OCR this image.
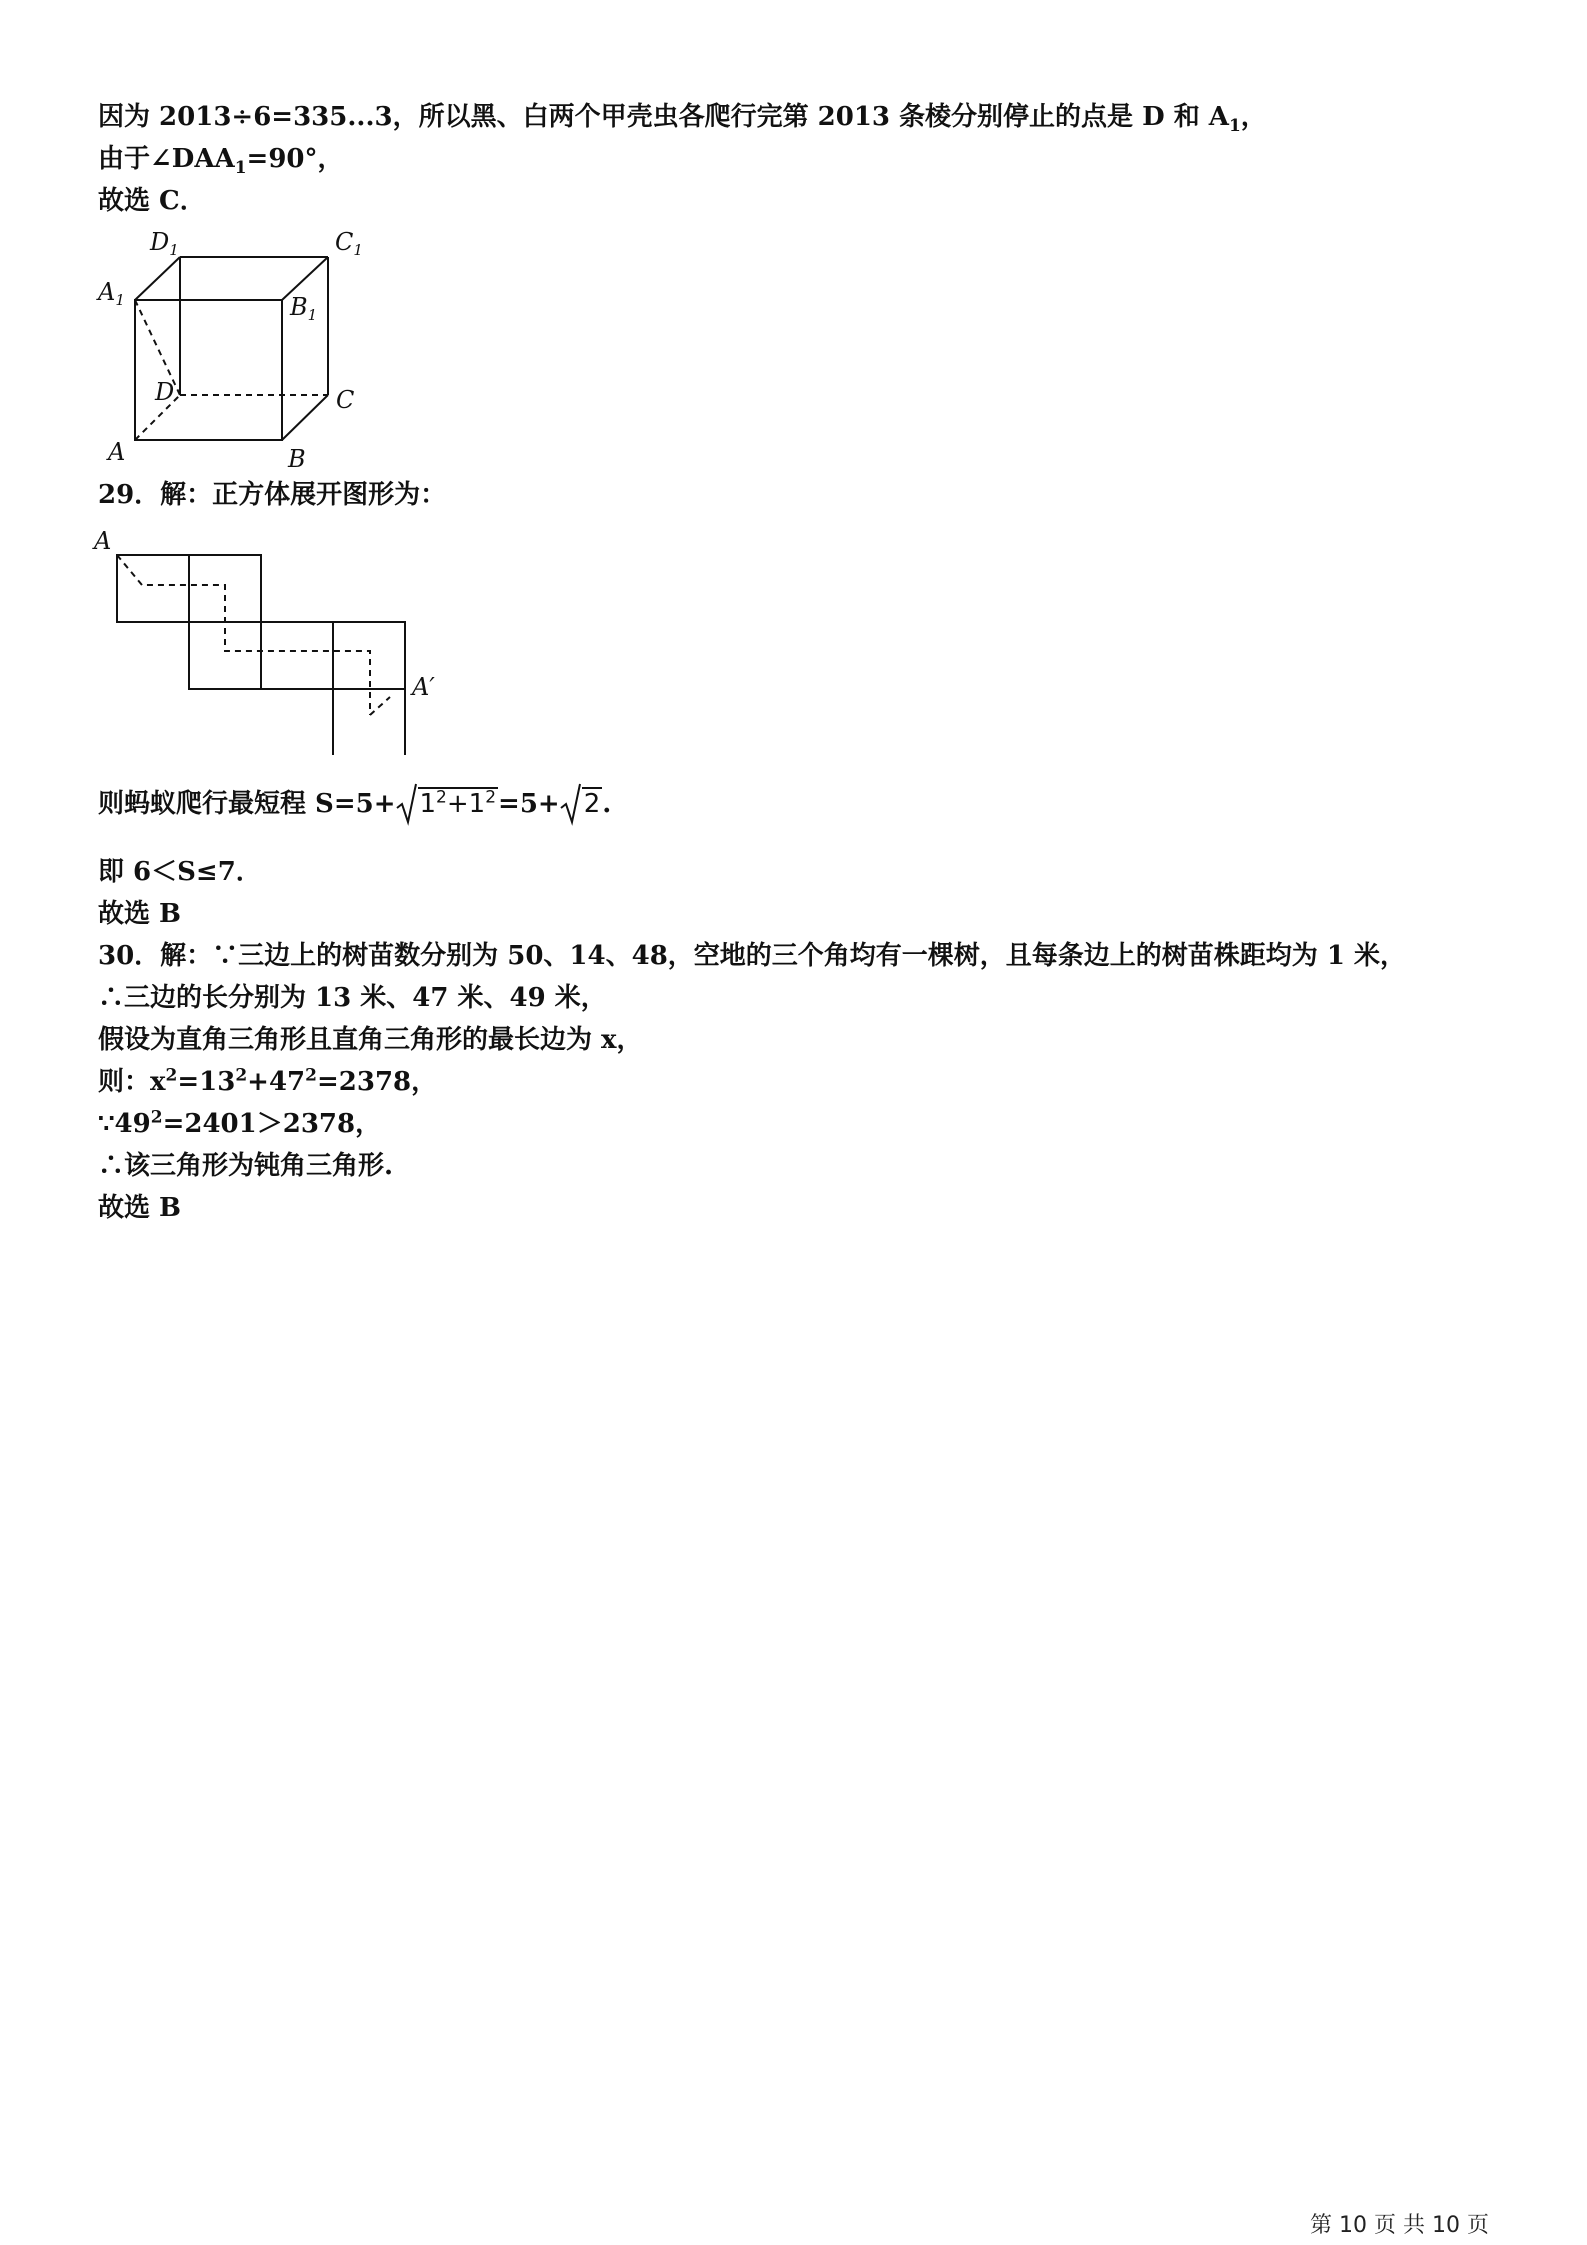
因为 2013÷6=335...3，所以黑、白两个甲壳虫各爬行完第 2013 条棱分别停止的点是 D 和 $A_1$，
由于$\angle DAA_1=90^\circ$，
故选 C．
$D_1$	$C_1$
$A_1$	$B_1$
D	C
A	B
29．解：正方体展开图形为：
A
A′
则蚂蚁爬行最短程 $S=5+ 1^2+1^2=5+ 2$.
即 6＜S≤7．
故选 B
30．解：∵三边上的树苗数分别为 50、14、48，空地的三个角均有一棵树，且每条边上的树苗株距均为 1 米，
∴三边的长分别为 13 米、47 米、49 米，
假设为直角三角形且直角三角形的最长边为 x，
则：$x^2=13^2+47^2=2378$，
$\because 49^2=2401>2378$，
∴该三角形为钝角三角形.
故选 B
第 10 页 共 10 页
